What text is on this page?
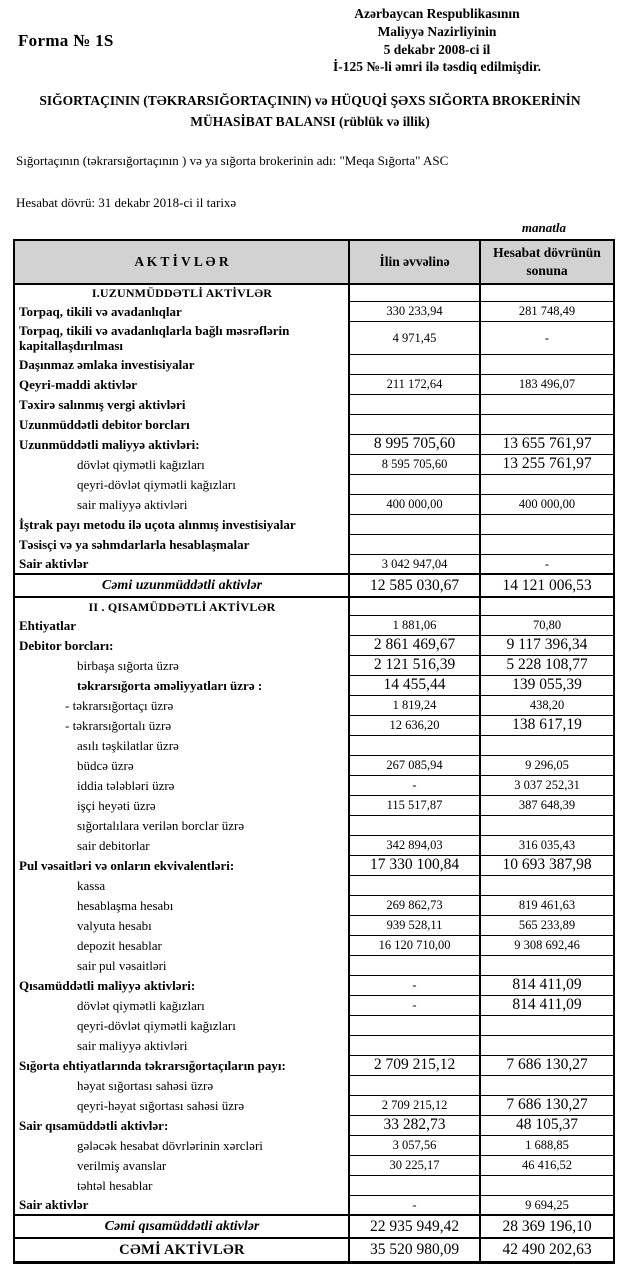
Forma № 1S
Azərbaycan Respublikasının
Maliyyə Nazirliyinin
5 dekabr 2008-ci il
İ-125 №-li əmri ilə təsdiq edilmişdir.
SIĞORTAÇININ (TƏKRARSIĞORTAÇININ) və HÜQUQİ ŞƏXS SIĞORTA BROKERİNİN
MÜHASİBAT BALANSI (rüblük və illik)
Sığortaçının (təkrarsığortaçının ) və ya sığorta brokerinin adı: "Meqa Sığorta" ASC
Hesabat dövrü: 31 dekabr 2018-ci il tarixə
manatla
A K T İ V L Ə R	İlin əvvəlinə	Hesabat dövrünün sonuna
I.UZUNMÜDDƏTLİ AKTİVLƏR		
Torpaq, tikili və avadanlıqlar	330 233,94	281 748,49
Torpaq, tikili və avadanlıqlarla bağlı məsrəflərin kapitallaşdırılması	4 971,45	-
Daşınmaz əmlaka investisiyalar		
Qeyri-maddi aktivlər	211 172,64	183 496,07
Təxirə salınmış vergi aktivləri		
Uzunmüddətli debitor borcları		
Uzunmüddətli maliyyə aktivləri:	8 995 705,60	13 655 761,97
dövlət qiymətli kağızları	8 595 705,60	13 255 761,97
qeyri-dövlət qiymətli kağızları		
sair maliyyə aktivləri	400 000,00	400 000,00
İştrak payı metodu ilə uçota alınmış investisiyalar		
Təsisçi və ya səhmdarlarla hesablaşmalar		
Sair aktivlər	3 042 947,04	-
Cəmi uzunmüddətli aktivlər	12 585 030,67	14 121 006,53
II . QISAMÜDDƏTLİ AKTİVLƏR		
Ehtiyatlar	1 881,06	70,80
Debitor borcları:	2 861 469,67	9 117 396,34
birbaşa sığorta üzrə	2 121 516,39	5 228 108,77
təkrarsığorta əməliyyatları üzrə :	14 455,44	139 055,39
- təkrarsığortaçı üzrə	1 819,24	438,20
- təkrarsığortalı üzrə	12 636,20	138 617,19
asılı təşkilatlar üzrə		
büdcə üzrə	267 085,94	9 296,05
iddia tələbləri üzrə	-	3 037 252,31
işçi heyəti üzrə	115 517,87	387 648,39
sığortalılara verilən borclar üzrə		
sair debitorlar	342 894,03	316 035,43
Pul vəsaitləri və onların ekvivalentləri:	17 330 100,84	10 693 387,98
kassa		
hesablaşma hesabı	269 862,73	819 461,63
valyuta hesabı	939 528,11	565 233,89
depozit hesablar	16 120 710,00	9 308 692,46
sair pul vəsaitləri		
Qısamüddətli maliyyə aktivləri:	-	814 411,09
dövlət qiymətli kağızları	-	814 411,09
qeyri-dövlət qiymətli kağızları		
sair maliyyə aktivləri		
Sığorta ehtiyatlarında təkrarsığortaçıların payı:	2 709 215,12	7 686 130,27
həyat sığortası sahəsi üzrə		
qeyri-həyat sığortası sahəsi üzrə	2 709 215,12	7 686 130,27
Sair qısamüddətli aktivlər:	33 282,73	48 105,37
gələcək hesabat dövrlərinin xərcləri	3 057,56	1 688,85
verilmiş avanslar	30 225,17	46 416,52
təhtəl hesablar		
Sair aktivlər	-	9 694,25
Cəmi qısamüddətli aktivlər	22 935 949,42	28 369 196,10
CƏMİ AKTİVLƏR	35 520 980,09	42 490 202,63
